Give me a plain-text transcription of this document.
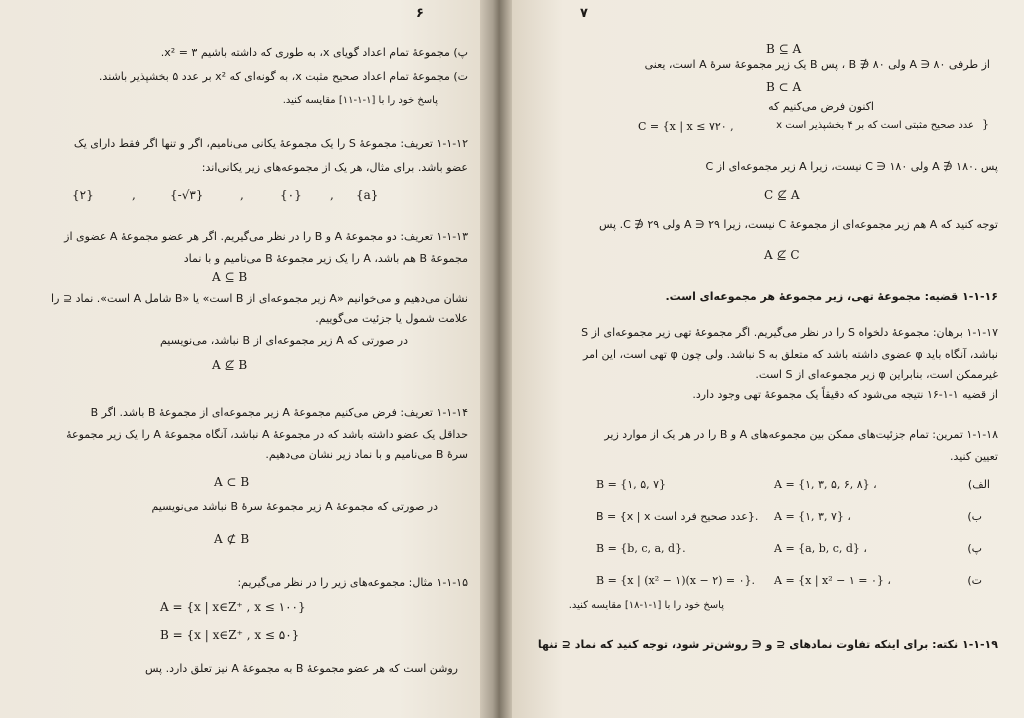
۶
پ) مجموعهٔ تمام اعداد گویای x، به طوری که داشته باشیم x² = ۳.
ت) مجموعهٔ تمام اعداد صحیح مثبت x، به گونه‌ای که x² بر عدد ۵ بخشپذیر باشند.
پاسخ خود را با [۱-۱-۱۱] مقایسه کنید.
۱-۱-۱۲ تعریف: مجموعهٔ S را یک مجموعهٔ یکانی می‌نامیم، اگر و تنها اگر فقط دارای یک
عضو باشد. برای مثال، هر یک از مجموعه‌های زیر یکانی‌اند:
{۲}	,	{-√۳}	,	{۰} , {a}
۱-۱-۱۳ تعریف: دو مجموعهٔ A و B را در نظر می‌گیریم. اگر هر عضو مجموعهٔ A عضوی از
مجموعهٔ B هم باشد، A را یک زیر مجموعهٔ B می‌نامیم و با نماد
A ⊆ B
نشان می‌دهیم و می‌خوانیم «A زیر مجموعه‌ای از B است» یا «B شامل A است». نماد ⊆ را
علامت شمول یا جزئیت می‌گوییم.
در صورتی که A زیر مجموعه‌ای از B نباشد، می‌نویسیم
A ⊈ B
۱-۱-۱۴ تعریف: فرض می‌کنیم مجموعهٔ A زیر مجموعه‌ای از مجموعهٔ B باشد. اگر B
حداقل یک عضو داشته باشد که در مجموعهٔ A نباشد، آنگاه مجموعهٔ A را یک زیر مجموعهٔ
سرهٔ B می‌نامیم و با نماد زیر نشان می‌دهیم.
A ⊂ B
در صورتی که مجموعهٔ A زیر مجموعهٔ سرهٔ B نباشد می‌نویسیم
A ⊄ B
۱-۱-۱۵ مثال: مجموعه‌های زیر را در نظر می‌گیریم:
A = {x | x∈Z⁺ , x ≤ ۱۰۰}
B = {x | x∈Z⁺ , x ≤ ۵۰}
روشن است که هر عضو مجموعهٔ B به مجموعهٔ A نیز تعلق دارد. پس
۷
B ⊆ A
از طرفی A ∋ ۸۰ ولی B ∌ ۸۰ ، پس B یک زیر مجموعهٔ سرهٔ A است، یعنی
B ⊂ A
اکنون فرض می‌کنیم که
x عدد صحیح مثبتی است که بر ۴ بخشپذیر است
C = {x | x ≤ ۷۲۰ ,	}
C زیر مجموعه‌ای از A نیست، زیرا C ∋ ۱۸۰ ولی A ∌ ۱۸۰. پس
C ⊈ A
توجه کنید که A هم زیر مجموعه‌ای از مجموعهٔ C نیست، زیرا A ∋ ۲۹ ولی C ∌ ۲۹. پس
A ⊈ C
۱-۱-۱۶ قضیه: مجموعهٔ تهی، زیر مجموعهٔ هر مجموعه‌ای است.
۱-۱-۱۷ برهان: مجموعهٔ دلخواه S را در نظر می‌گیریم. اگر مجموعهٔ تهی زیر مجموعه‌ای از S
نباشد، آنگاه باید φ عضوی داشته باشد که متعلق به S نباشد. ولی چون φ تهی است، این امر
غیرممکن است، بنابراین φ زیر مجموعه‌ای از S است.
از قضیه ۱-۱-۱۶ نتیجه می‌شود که دقیقاً یک مجموعهٔ تهی وجود دارد.
۱-۱-۱۸ تمرین: تمام جزئیت‌های ممکن بین مجموعه‌های A و B را در هر یک از موارد زیر
تعیین کنید.
الف)
A = {۱, ۳, ۵, ۶, ۸} ،
B = {۱, ۵, ۷}
ب)
A = {۱, ۳, ۷} ،
B = {x | x عدد صحیح فرد است}.
پ)
A = {a, b, c, d} ،
B = {b, c, a, d}.
ت)
A = {x | x² − ۱ = ۰} ،
B = {x | (x² − ۱)(x − ۲) = ۰}.
پاسخ خود را با [۱-۱-۱۸] مقایسه کنید.
۱-۱-۱۹ نکته: برای اینکه تفاوت نمادهای ⊆ و ∈ روشن‌تر شود، توجه کنید که نماد ⊆ تنها
